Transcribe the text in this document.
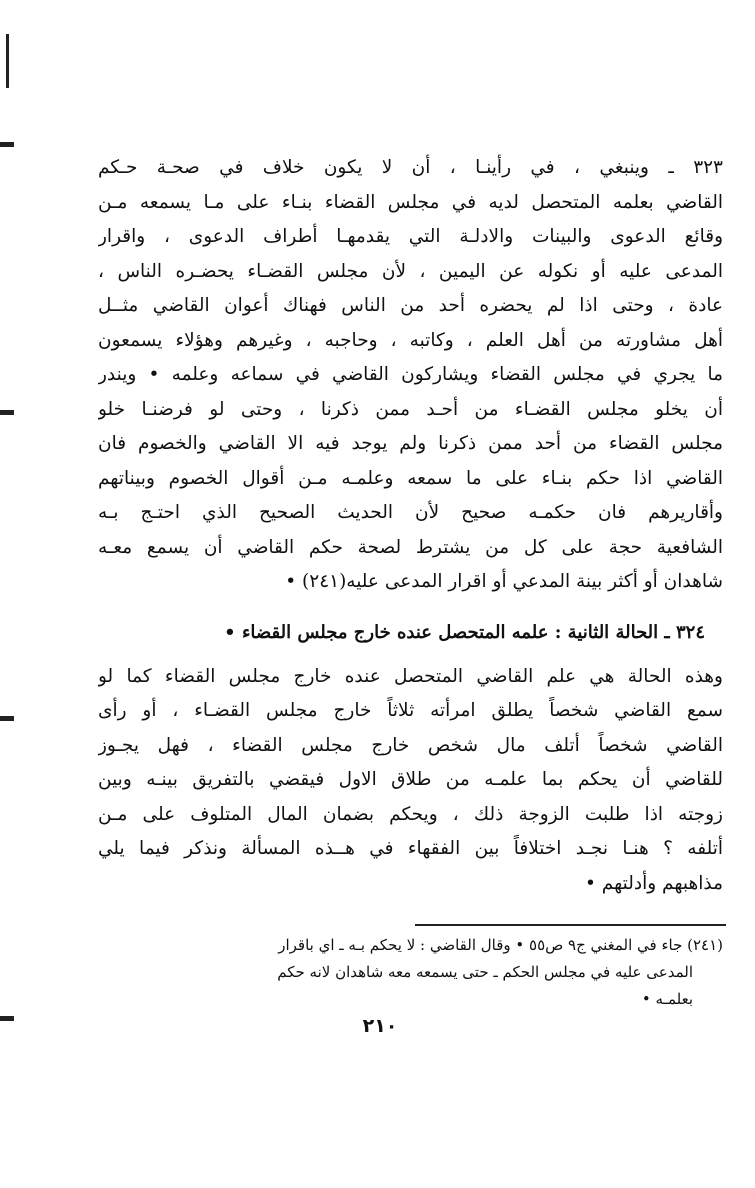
٣٢٣ ـ وينبغي ، في رأينـا ، أن لا يكون خلاف في صحـة حـكم
القاضي بعلمه المتحصل لديه في مجلس القضاء بنـاء على مـا يسمعه مـن
وقائع الدعوى والبينات والادلـة التي يقدمهـا أطراف الدعوى ، واقرار
المدعى عليه أو نكوله عن اليمين ، لأن مجلس القضـاء يحضـره الناس ،
عادة ، وحتى اذا لم يحضره أحد من الناس فهناك أعوان القاضي مثــل
أهل مشاورته من أهل العلم ، وكاتبه ، وحاجبه ، وغيرهم وهؤلاء يسمعون
ما يجري في مجلس القضاء ويشاركون القاضي في سماعه وعلمه • ويندر
أن يخلو مجلس القضـاء من أحـد ممن ذكرنا ، وحتى لو فرضنـا خلو
مجلس القضاء من أحد ممن ذكرنا ولم يوجد فيه الا القاضي والخصوم فان
القاضي اذا حكم بنـاء على ما سمعه وعلمـه مـن أقوال الخصوم وبيناتهم
وأقاريرهم فان حكمـه صحيح لأن الحديث الصحيح الذي احتـج بـه
الشافعية حجة على كل من يشترط لصحة حكم القاضي أن يسمع معـه
شاهدان أو أكثر بينة المدعي أو اقرار المدعى عليه(٢٤١) •
٣٢٤ ـ الحالة الثانية : علمه المتحصل عنده خارج مجلس القضاء •
وهذه الحالة هي علم القاضي المتحصل عنده خارج مجلس القضاء كما لو
سمع القاضي شخصاً يطلق امرأته ثلاثاً خارج مجلس القضـاء ، أو رأى
القاضي شخصاً أتلف مال شخص خارج مجلس القضاء ، فهل يجـوز
للقاضي أن يحكم بما علمـه من طلاق الاول فيقضي بالتفريق بينـه وبين
زوجته اذا طلبت الزوجة ذلك ، ويحكم بضمان المال المتلوف على مـن
أتلفه ؟ هنـا نجـد اختلافاً بين الفقهاء في هــذه المسألة ونذكر فيما يلي
مذاهبهم وأدلتهم •
(٢٤١) جاء في المغني ج٩ ص٥٥ • وقال القاضي : لا يحكم بـه ـ اي باقرار
المدعى عليه في مجلس الحكم ـ حتى يسمعه معه شاهدان لانه حكم
بعلمـه •
٢١٠
